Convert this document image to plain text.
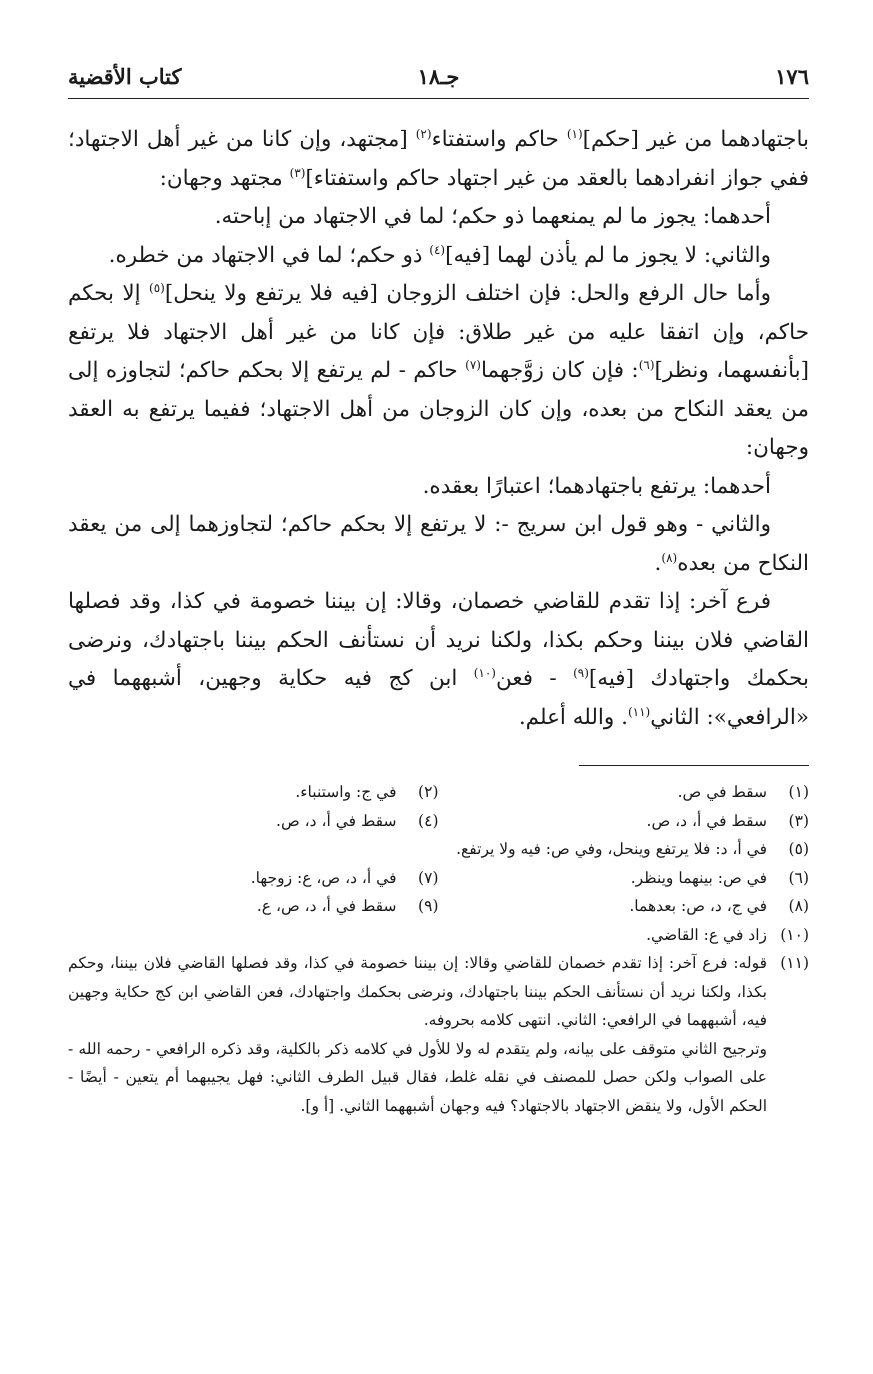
١٧٦
جـ١٨
كتاب الأقضية

باجتهادهما من غير [حكم]$^{(١)}$ حاكم واستفتاء$^{(٢)}$ [مجتهد، وإن كانا من غير أهل الاجتهاد؛ ففي جواز انفرادهما بالعقد من غير اجتهاد حاكم واستفتاء]$^{(٣)}$ مجتهد وجهان:

أحدهما: يجوز ما لم يمنعهما ذو حكم؛ لما في الاجتهاد من إباحته.

والثاني: لا يجوز ما لم يأذن لهما [فيه]$^{(٤)}$ ذو حكم؛ لما في الاجتهاد من خطره.

وأما حال الرفع والحل: فإن اختلف الزوجان [فيه فلا يرتفع ولا ينحل]$^{(٥)}$ إلا بحكم حاكم، وإن اتفقا عليه من غير طلاق: فإن كانا من غير أهل الاجتهاد فلا يرتفع [بأنفسهما، ونظر]$^{(٦)}$: فإن كان زوَّجهما$^{(٧)}$ حاكم - لم يرتفع إلا بحكم حاكم؛ لتجاوزه إلى من يعقد النكاح من بعده، وإن كان الزوجان من أهل الاجتهاد؛ ففيما يرتفع به العقد وجهان:

أحدهما: يرتفع باجتهادهما؛ اعتبارًا بعقده.

والثاني - وهو قول ابن سريج -: لا يرتفع إلا بحكم حاكم؛ لتجاوزهما إلى من يعقد النكاح من بعده$^{(٨)}$.

فرع آخر: إذا تقدم للقاضي خصمان، وقالا: إن بيننا خصومة في كذا، وقد فصلها القاضي فلان بيننا وحكم بكذا، ولكنا نريد أن نستأنف الحكم بيننا باجتهادك، ونرضى بحكمك واجتهادك [فيه]$^{(٩)}$ - فعن$^{(١٠)}$ ابن كج فيه حكاية وجهين، أشبههما في «الرافعي»: الثاني$^{(١١)}$. والله أعلم.

(١)
سقط في ص.
(٢)
في ج: واستنباء.
(٣)
سقط في أ، د، ص.
(٤)
سقط في أ، د، ص.
(٥)
في أ، د: فلا يرتفع وينحل، وفي ص: فيه ولا يرتفع.
(٦)
في ص: بينهما وينظر.
(٧)
في أ، د، ص، ع: زوجها.
(٨)
في ج، د، ص: بعدهما.
(٩)
سقط في أ، د، ص، ع.
(١٠)
زاد في ع: القاضي.
(١١)

قوله: فرع آخر: إذا تقدم خصمان للقاضي وقالا: إن بيننا خصومة في كذا، وقد فصلها القاضي فلان بيننا، وحكم بكذا، ولكنا نريد أن نستأنف الحكم بيننا باجتهادك، ونرضى بحكمك واجتهادك، فعن القاضي ابن كج حكاية وجهين فيه، أشبههما في الرافعي: الثاني. انتهى كلامه بحروفه.

وترجيح الثاني متوقف على بيانه، ولم يتقدم له ولا للأول في كلامه ذكر بالكلية، وقد ذكره الرافعي - رحمه الله - على الصواب ولكن حصل للمصنف في نقله غلط، فقال قبيل الطرف الثاني: فهل يجيبهما أم يتعين - أيضًا - الحكم الأول، ولا ينقض الاجتهاد بالاجتهاد؟ فيه وجهان أشبههما الثاني. [أ و].
